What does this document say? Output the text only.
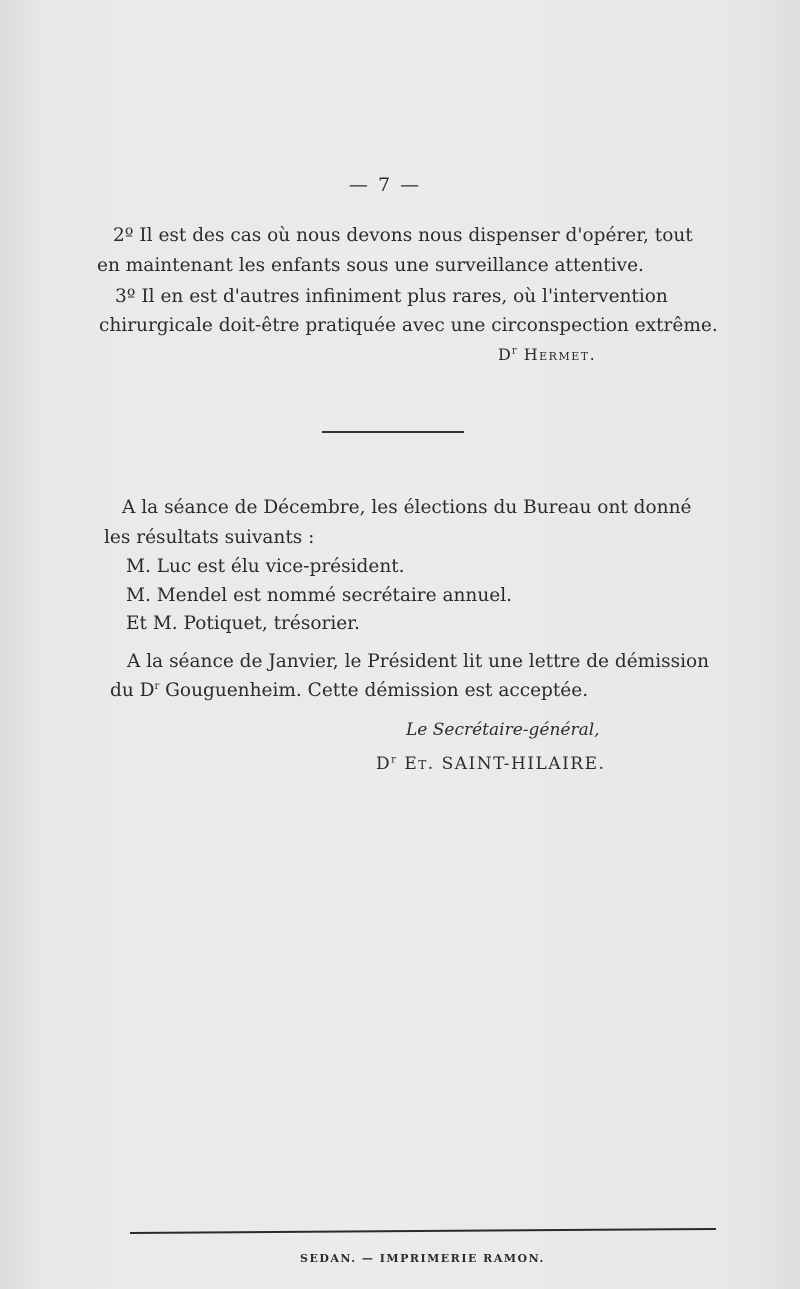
— 7 —
2º Il est des cas où nous devons nous dispenser d'opérer, tout
en maintenant les enfants sous une surveillance attentive.
3º Il en est d'autres infiniment plus rares, où l'intervention
chirurgicale doit-être pratiquée avec une circonspection extrême.
$D^r$ Hermet.
A la séance de Décembre, les élections du Bureau ont donné
les résultats suivants :
M. Luc est élu vice-président.
M. Mendel est nommé secrétaire annuel.
Et M. Potiquet, trésorier.
A la séance de Janvier, le Président lit une lettre de démission
du $D^r$ Gouguenheim. Cette démission est acceptée.
Le Secrétaire-général,
$D^r$ Et. SAINT-HILAIRE.
SEDAN. — IMPRIMERIE RAMON.
